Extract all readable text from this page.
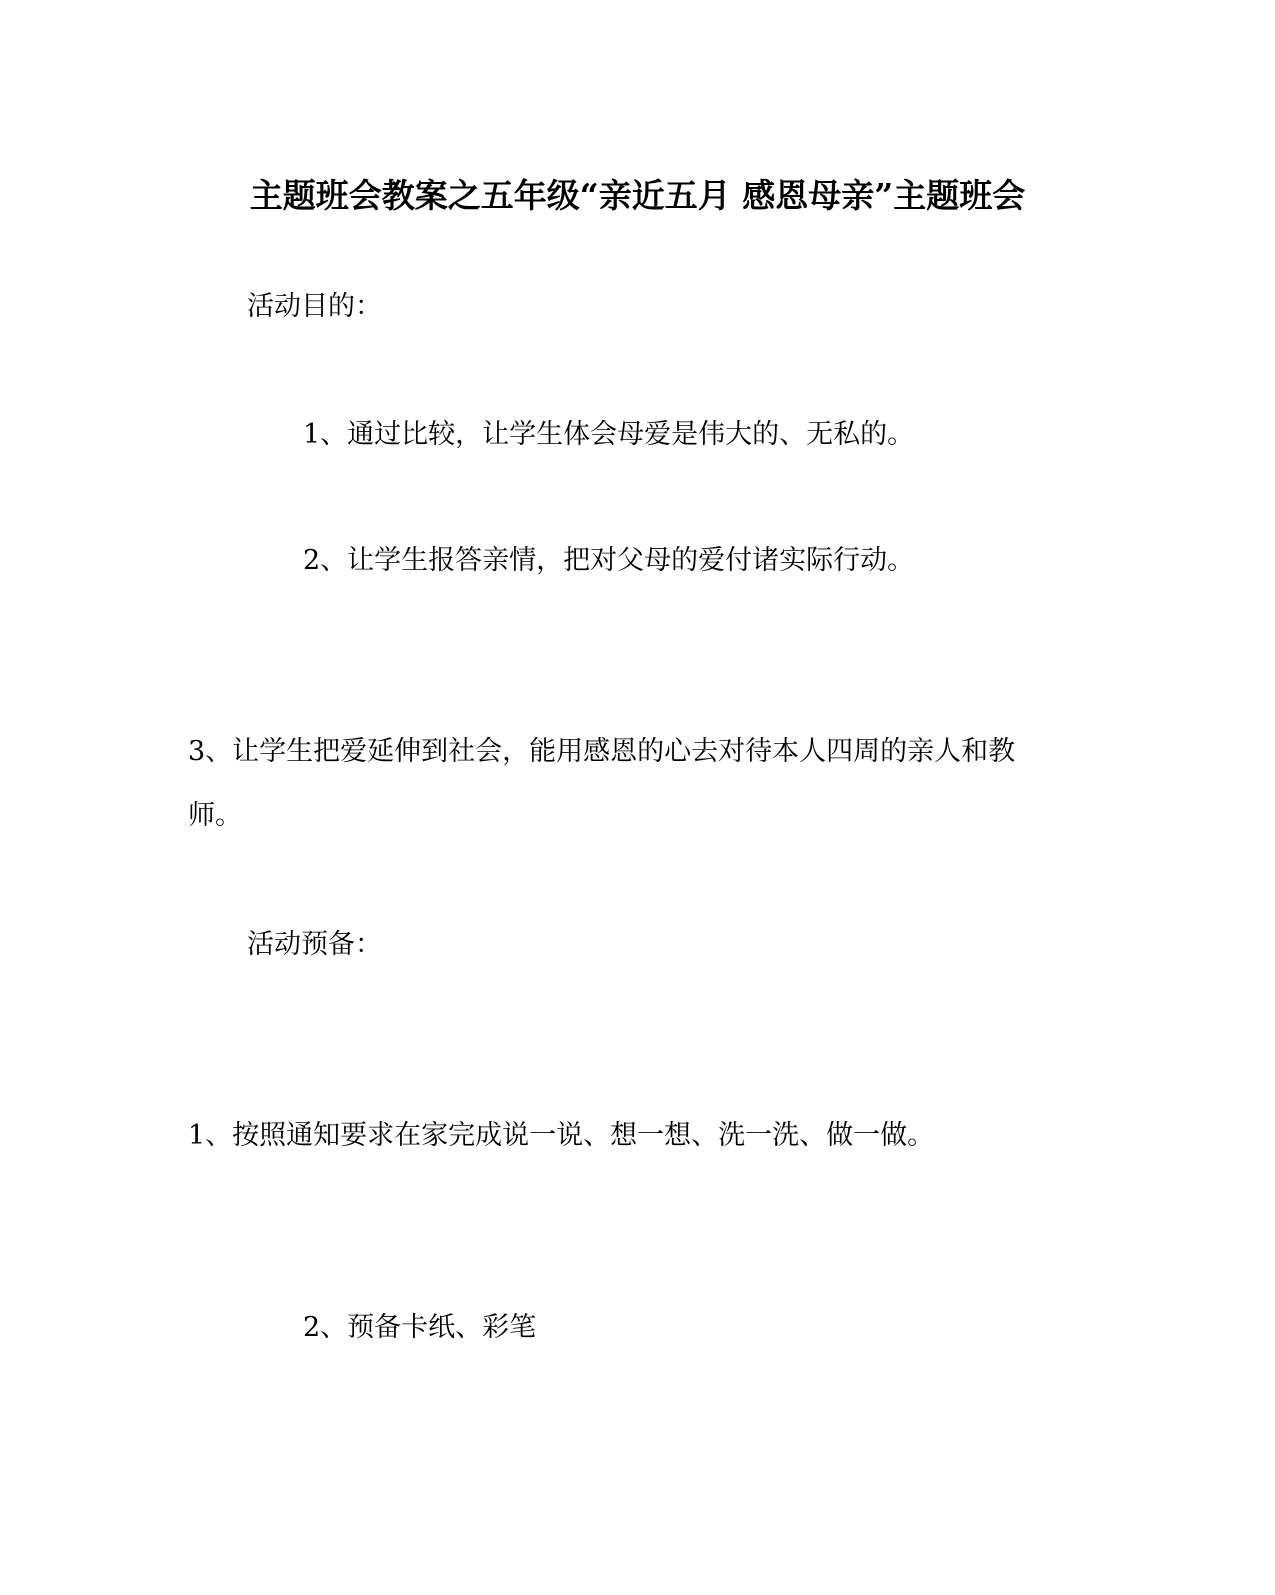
主题班会教案之五年级“亲近五月 感恩母亲”主题班会
活动目的：
1、通过比较，让学生体会母爱是伟大的、无私的。
2、让学生报答亲情，把对父母的爱付诸实际行动。
3、让学生把爱延伸到社会，能用感恩的心去对待本人四周的亲人和教
师。
活动预备：
1、按照通知要求在家完成说一说、想一想、洗一洗、做一做。
2、预备卡纸、彩笔
